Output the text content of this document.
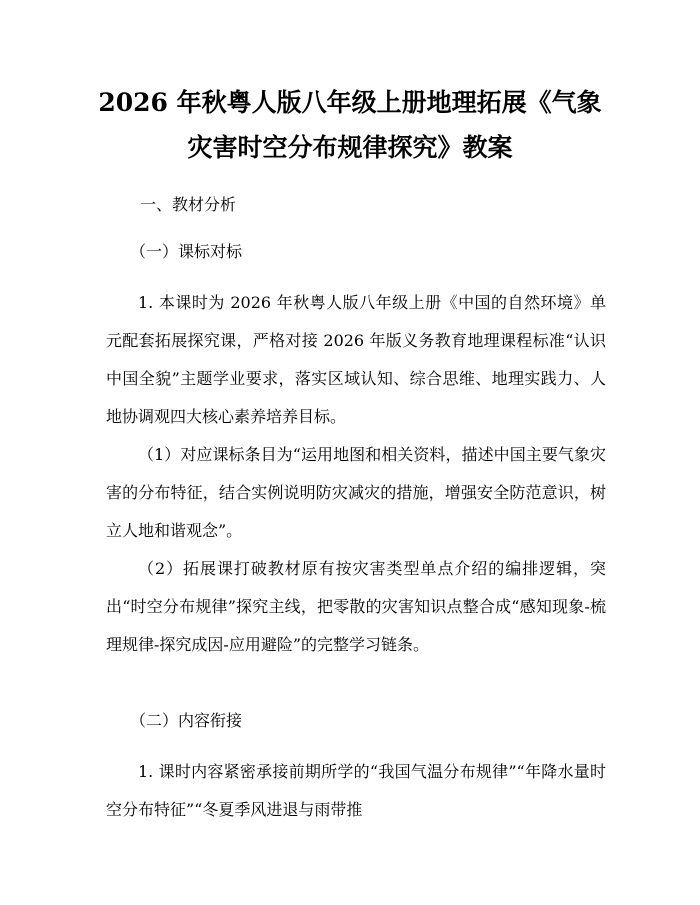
2026 年秋粤人版八年级上册地理拓展《气象
灾害时空分布规律探究》教案
一、教材分析
（一）课标对标
1. 本课时为 2026 年秋粤人版八年级上册《中国的自然环境》单元配套拓展探究课，严格对接 2026 年版义务教育地理课程标准“认识中国全貌”主题学业要求，落实区域认知、综合思维、地理实践力、人地协调观四大核心素养培养目标。
（1）对应课标条目为“运用地图和相关资料，描述中国主要气象灾害的分布特征，结合实例说明防灾减灾的措施，增强安全防范意识，树立人地和谐观念”。
（2）拓展课打破教材原有按灾害类型单点介绍的编排逻辑，突出“时空分布规律”探究主线，把零散的灾害知识点整合成“感知现象-梳理规律-探究成因-应用避险”的完整学习链条。
（二）内容衔接
1. 课时内容紧密承接前期所学的“我国气温分布规律”“年降水量时空分布特征”“冬夏季风进退与雨带推
